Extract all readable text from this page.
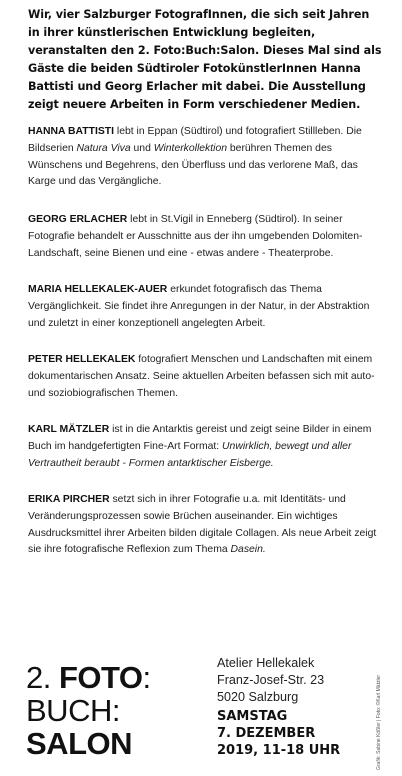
Wir, vier Salzburger FotografInnen, die sich seit Jahren in ihrer künstlerischen Entwicklung begleiten, veranstalten den 2. Foto:Buch:Salon. Dieses Mal sind als Gäste die beiden Südtiroler FotokünstlerInnen Hanna Battisti und Georg Erlacher mit dabei. Die Ausstellung zeigt neuere Arbeiten in Form verschiedener Medien.

HANNA BATTISTI lebt in Eppan (Südtirol) und fotografiert Stillleben. Die Bildserien Natura Viva und Winterkollektion berühren Themen des Wünschens und Begehrens, den Überfluss und das verlorene Maß, das Karge und das Vergängliche.

GEORG ERLACHER lebt in St.Vigil in Enneberg (Südtirol). In seiner Fotografie behandelt er Ausschnitte aus der ihn umgebenden Dolomiten-Landschaft, seine Bienen und eine - etwas andere - Theaterprobe.

MARIA HELLEKALEK-AUER erkundet fotografisch das Thema Vergänglichkeit. Sie findet ihre Anregungen in der Natur, in der Abstraktion und zuletzt in einer konzeptionell angelegten Arbeit.

PETER HELLEKALEK fotografiert Menschen und Landschaften mit einem dokumentarischen Ansatz. Seine aktuellen Arbeiten befassen sich mit auto- und soziobiografischen Themen.

KARL MÄTZLER ist in die Antarktis gereist und zeigt seine Bilder in einem Buch im handgefertigten Fine-Art Format: Unwirklich, bewegt und aller Vertrautheit beraubt - Formen antarktischer Eisberge.

ERIKA PIRCHER setzt sich in ihrer Fotografie u.a. mit Identitäts- und Veränderungsprozessen sowie Brüchen auseinander. Ein wichtiges Ausdrucksmittel ihrer Arbeiten bilden digitale Collagen. Als neue Arbeit zeigt sie ihre fotografische Reflexion zum Thema Dasein.

2. FOTO:
BUCH:
SALON
Atelier Hellekalek
Franz-Josef-Str. 23
5020 Salzburg
SAMSTAG
7. DEZEMBER
2019, 11-18 UHR	Grafik: Sabine Kößler | Foto: ©Karl Mätzler
